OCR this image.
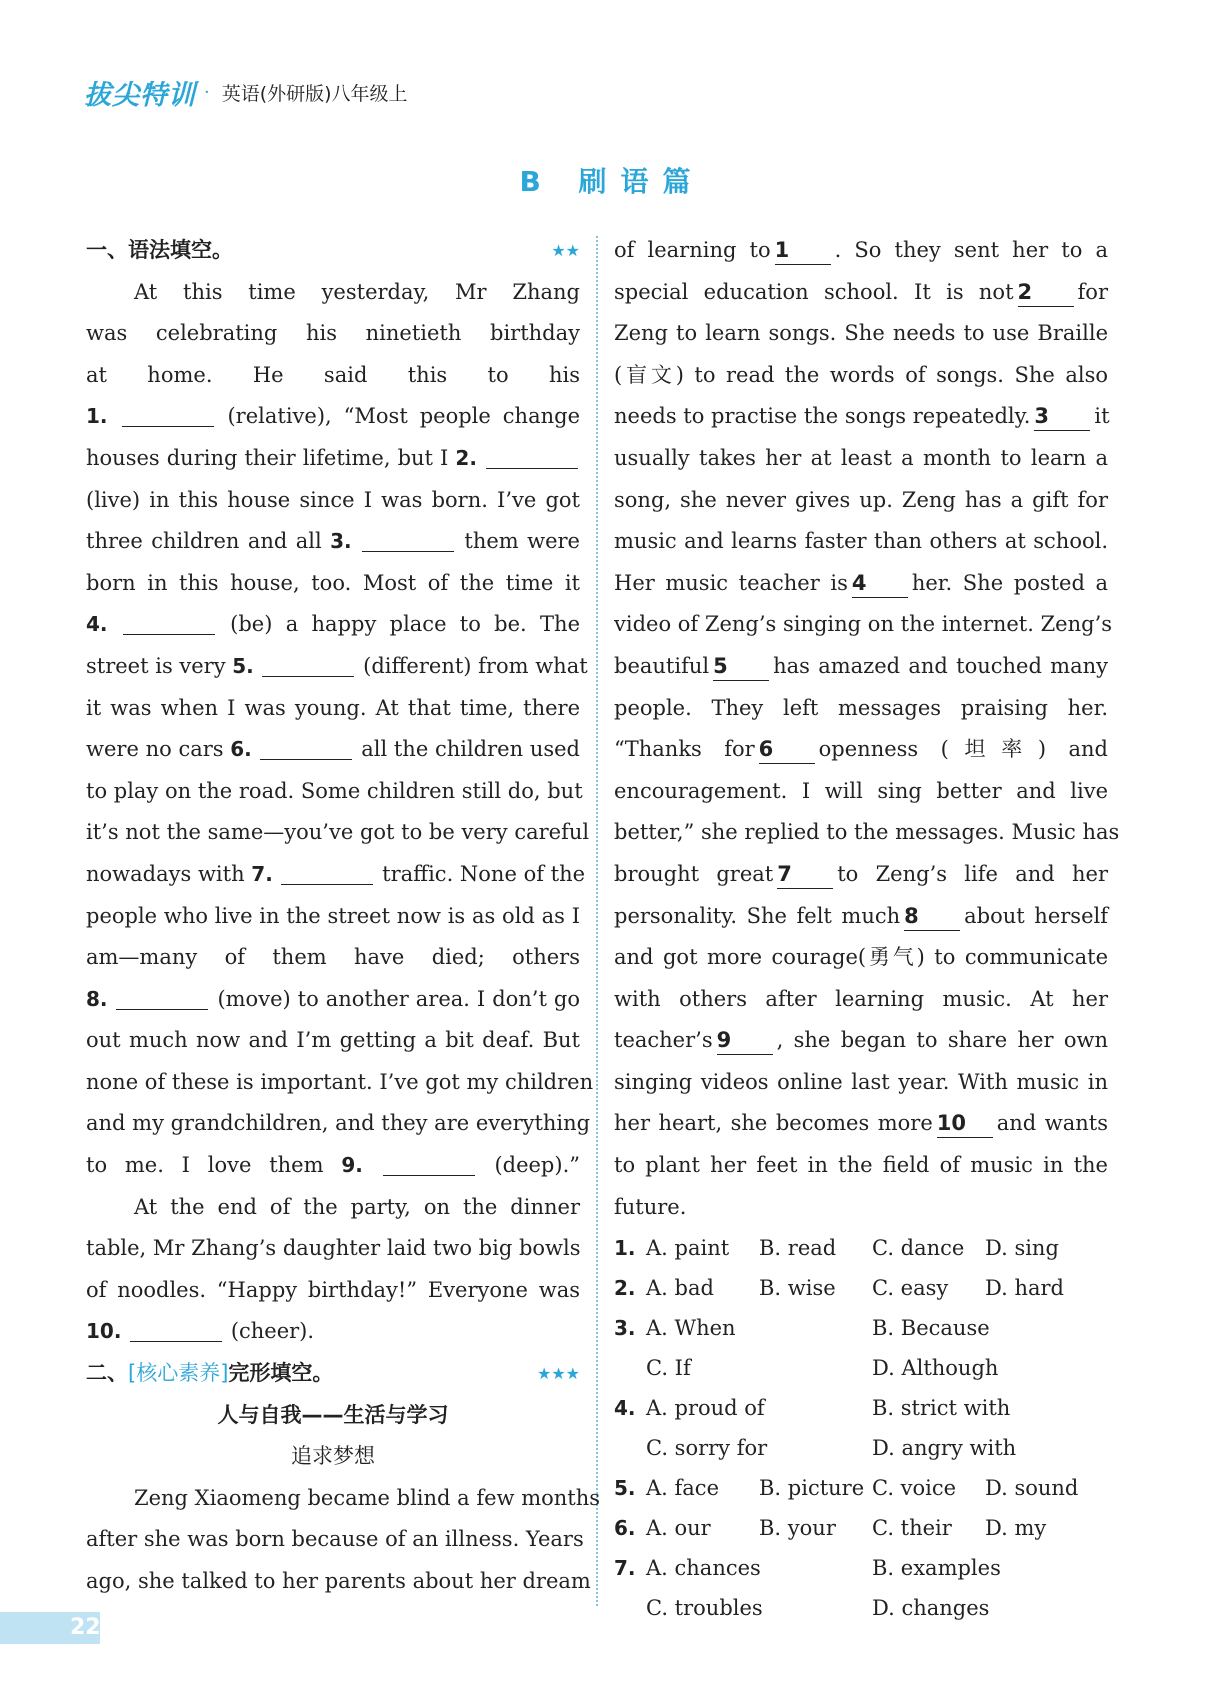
拔尖特训 · 英语(外研版)八年级上
B 刷语篇
一、语法填空。	★★
At this time yesterday, Mr Zhang
was celebrating his ninetieth birthday
at home. He said this to his
1.	(relative), “Most people change
houses during their lifetime, but I 2.
(live) in this house since I was born. I’ve got
three children and all 3.	them were
born in this house, too. Most of the time it
4.	(be) a happy place to be. The
street is very 5.	(different) from what
it was when I was young. At that time, there
were no cars 6.	all the children used
to play on the road. Some children still do, but
it’s not the same—you’ve got to be very careful
nowadays with 7.	traffic. None of the
people who live in the street now is as old as I
am—many of them have died; others
8.	(move) to another area. I don’t go
out much now and I’m getting a bit deaf. But
none of these is important. I’ve got my children
and my grandchildren, and they are everything
to me. I love them 9.	(deep).”
At the end of the party, on the dinner
table, Mr Zhang’s daughter laid two big bowls
of noodles. “Happy birthday!” Everyone was
10.	(cheer).
二、[核心素养]完形填空。	★★★
人与自我——生活与学习
追求梦想
Zeng Xiaomeng became blind a few months
after she was born because of an illness. Years
ago, she talked to her parents about her dream
of learning to 1 . So they sent her to a
special education school. It is not 2 for
Zeng to learn songs. She needs to use Braille
(盲文) to read the words of songs. She also
needs to practise the songs repeatedly. 3 it
usually takes her at least a month to learn a
song, she never gives up. Zeng has a gift for
music and learns faster than others at school.
Her music teacher is 4 her. She posted a
video of Zeng’s singing on the internet. Zeng’s
beautiful 5 has amazed and touched many
people. They left messages praising her.
“Thanks for 6 openness (坦率) and
encouragement. I will sing better and live
better,” she replied to the messages. Music has
brought great 7 to Zeng’s life and her
personality. She felt much 8 about herself
and got more courage(勇气) to communicate
with others after learning music. At her
teacher’s 9 , she began to share her own
singing videos online last year. With music in
her heart, she becomes more 10 and wants
to plant her feet in the field of music in the
future.
1. A. paint	B. read	C. dance D. sing
2. A. bad	B. wise	C. easy	D. hard
3. A. When	B. Because
C. If	D. Although
4. A. proud of	B. strict with
C. sorry for	D. angry with
5. A. face	B. picture C. voice	D. sound
6. A. our	B. your	C. their	D. my
7. A. chances	B. examples
C. troubles	D. changes
22
